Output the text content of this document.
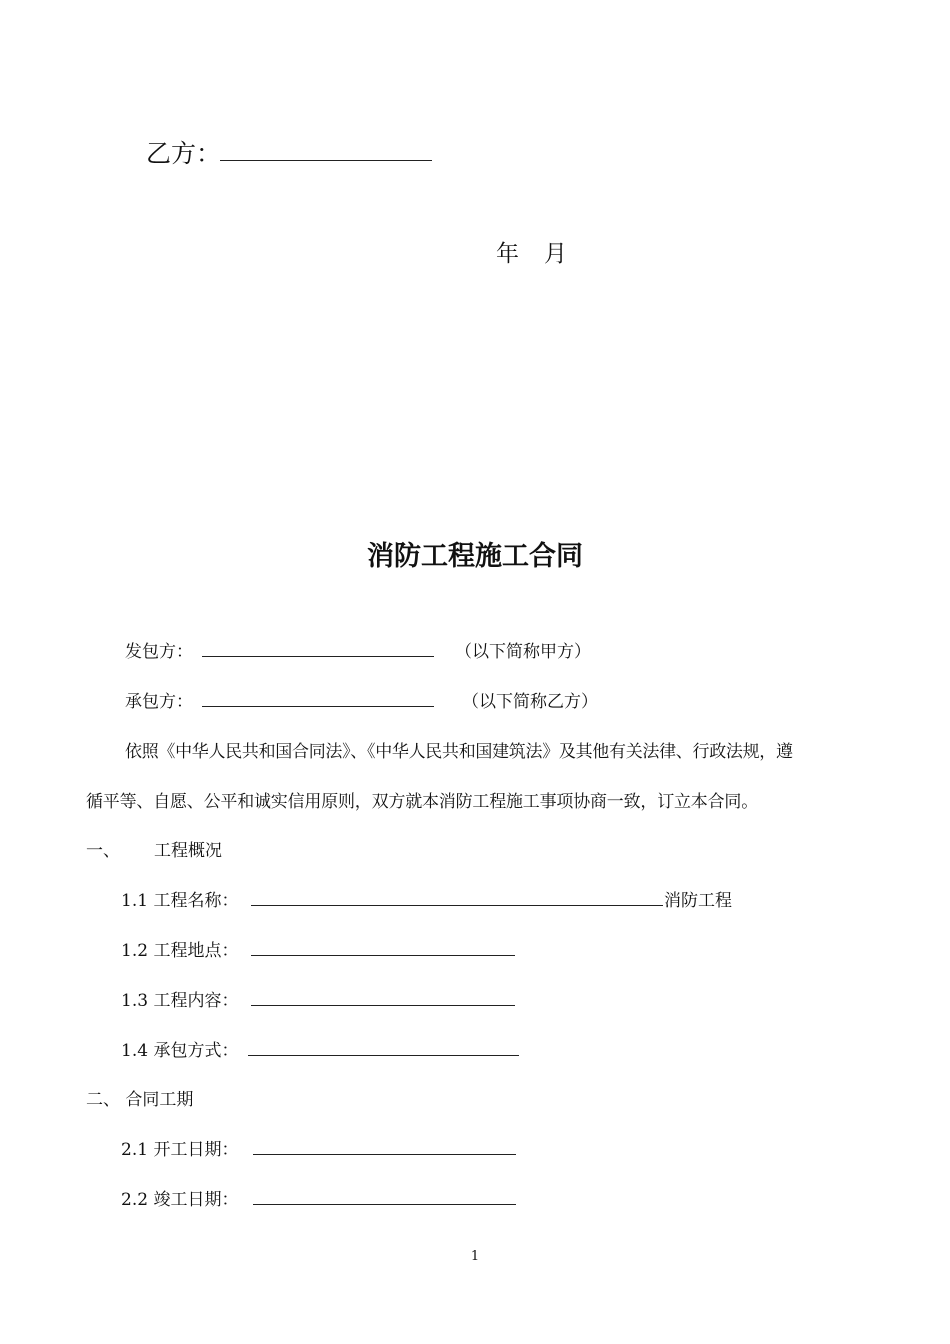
乙方：
年 月
消防工程施工合同
发包方：	（以下简称甲方）
承包方：	（以下简称乙方）
依照《中华人民共和国合同法》、《中华人民共和国建筑法》及其他有关法律、行政法规，遵
循平等、自愿、公平和诚实信用原则，双方就本消防工程施工事项协商一致，订立本合同。
一、 工程概况
1.1 工程名称：	消防工程
1.2 工程地点：
1.3 工程内容：
1.4 承包方式：
二、 合同工期
2.1 开工日期：
2.2 竣工日期：
1
